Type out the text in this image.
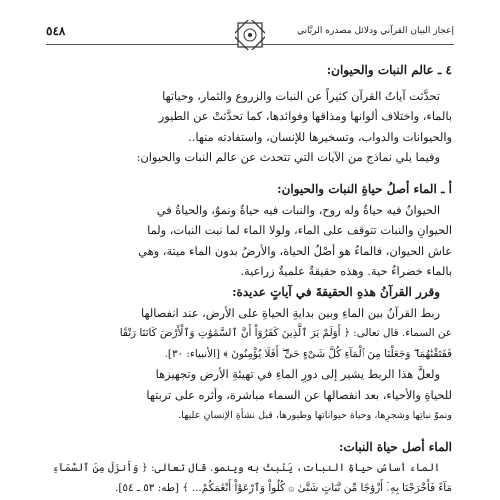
إعجاز البيان القرآني ودلائل مصدره الربَّاني
٥٤٨

٤ ـ عالم النبات والحيوان:

تحدَّثت آياتُ القرآن كثيراً عن النبات والزروع والثمار، وحياتها

بالماء، واختلاف ألوانها ومذاقها وفوائدها، كما تحدَّثتْ عن الطيور

والحيوانات والدواب، وتسخيرها للإنسان، واستفادته منها..

وفيما يلي نماذج من الآيات التي تتحدث عن عالم النبات والحيوان:

أ ـ الماء أصلُ حياةِ النبات والحيوان:

الحيوانُ فيه حياةٌ وله روح، والنبات فيه حياةٌ ونموٌ، والحياةُ في

الحيوانِ والنبات تتوقف على الماء، ولولا الماء لما نبت النبات، ولما

عاش الحيوان، فالماءُ هو أصْلُ الحياة، والأرضُ بدون الماء ميتة، وهي

بالماء خضراءُ حية. وهذه حقيقةٌ علميةٌ زراعية.

وقرر القرآنُ هذهِ الحقيقةَ في آياتٍ عديدة:

ربط القرآنُ بين الماءِ وبين بدايةِ الحياةِ على الأرض، عند انفصالها

عن السماء. قال تعالى: ﴿ أَوَلَمْ يَرَ ٱلَّذِينَ كَفَرُوٓاْ أَنَّ ٱلسَّمَٰوَٰتِ وَٱلْأَرْضَ كَانَتَا رَتْقًا

فَفَتَقْنَٰهُمَا ۖ وَجَعَلْنَا مِنَ ٱلْمَآءِ كُلَّ شَىْءٍ حَىٍّ ۖ أَفَلَا يُؤْمِنُونَ ﴾ [الأنبياء: ٣٠].

ولعلَّ هذا الربط يشير إلى دورِ الماءِ في تهيئةِ الأرض وتجهيزها

للحياةِ والأحياء، بعد انفصالها عن السماء مباشرة، وأثره على تربتها

ونموّ نباتِها وشجرِها، وحياة حيواناتها وطيورها، قبل نشأةِ الإنسانِ عليها.

الماء أصل حياة النبات:

الماء أساسُ حياةِ النبات، يَنْبتُ به وينمو. قال تعالى: ﴿ وَأَنزَلَ مِنَ ٱلسَّمَآءِ

مَآءً فَأَخْرَجْنَا بِهِۦٓ أَزْوَٰجًا مِّن نَّبَاتٍ شَتَّىٰ ۞ كُلُواْ وَٱرْعَوْاْ أَنْعَٰمَكُمْ... ﴾ [طه: ٥٣ ـ ٥٤].
